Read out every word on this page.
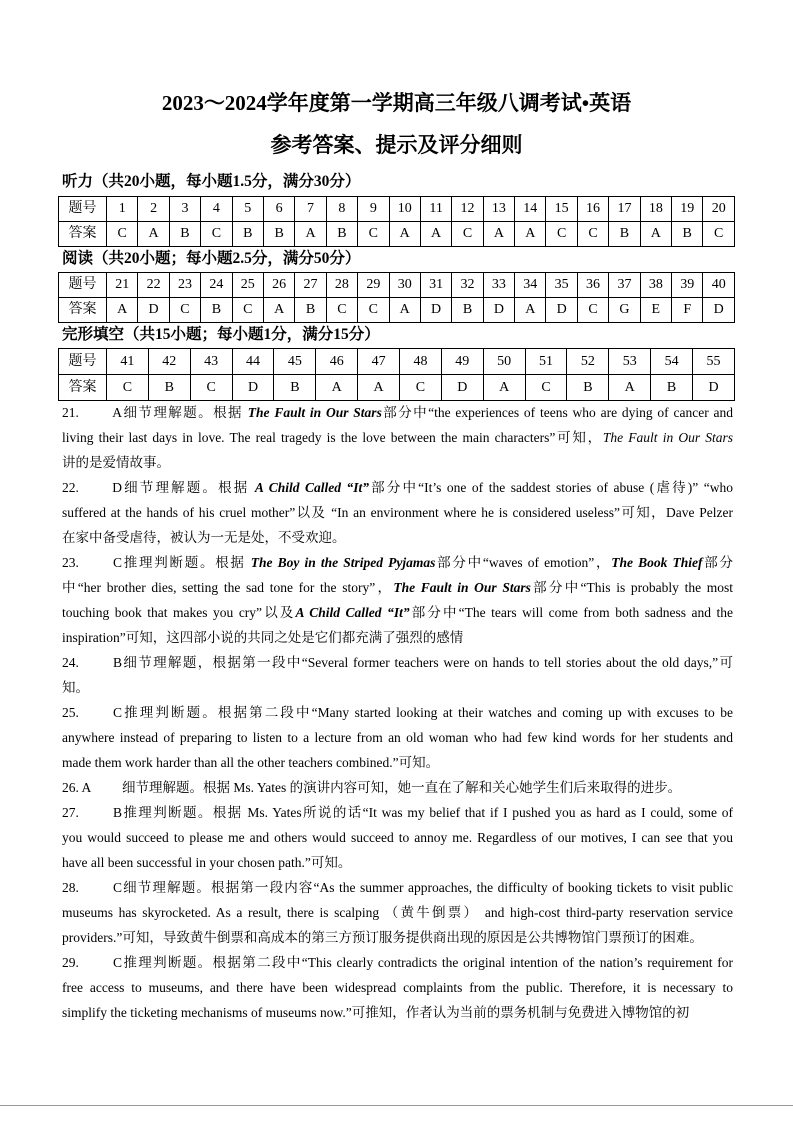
2023～2024学年度第一学期高三年级八调考试•英语
参考答案、提示及评分细则
听力（共20小题，每小题1.5分，满分30分）
题号	1	2	3	4	5	6	7	8	9	10	11	12	13	14	15	16	17	18	19	20
答案	C	A	B	C	B	B	A	B	C	A	A	C	A	A	C	C	B	A	B	C
阅读（共20小题；每小题2.5分，满分50分）
题号	21	22	23	24	25	26	27	28	29	30	31	32	33	34	35	36	37	38	39	40
答案	A	D	C	B	C	A	B	C	C	A	D	B	D	A	D	C	G	E	F	D
完形填空（共15小题；每小题1分，满分15分）
题号	41	42	43	44	45	46	47	48	49	50	51	52	53	54	55
答案	C	B	C	D	B	A	A	C	D	A	C	B	A	B	D
21. A细节理解题。根据 The Fault in Our Stars部分中“the experiences of teens who are dying of cancer and
living their last days in love. The real tragedy is the love between the main characters”可知，The Fault in Our Stars
讲的是爱情故事。
22. D细节理解题。根据 A Child Called “It”部分中“It’s one of the saddest stories of abuse (虐待)” “who
suffered at the hands of his cruel mother”以及 “In an environment where he is considered useless”可知，Dave Pelzer
在家中备受虐待，被认为一无是处，不受欢迎。
23. C推理判断题。根据 The Boy in the Striped Pyjamas部分中“waves of emotion”，The Book Thief部分
中“her brother dies, setting the sad tone for the story”，The Fault in Our Stars部分中“This is probably the most
touching book that makes you cry”以及A Child Called “It”部分中“The tears will come from both sadness and the
inspiration”可知，这四部小说的共同之处是它们都充满了强烈的感情
24. B细节理解题，根据第一段中“Several former teachers were on hands to tell stories about the old days,”可
知。
25. C推理判断题。根据第二段中“Many started looking at their watches and coming up with excuses to be
anywhere instead of preparing to listen to a lecture from an old woman who had few kind words for her students and
made them work harder than all the other teachers combined.”可知。
26. A 细节理解题。根据 Ms. Yates 的演讲内容可知，她一直在了解和关心她学生们后来取得的进步。
27. B推理判断题。根据 Ms. Yates所说的话“It was my belief that if I pushed you as hard as I could, some of
you would succeed to please me and others would succeed to annoy me. Regardless of our motives, I can see that you
have all been successful in your chosen path.”可知。
28. C细节理解题。根据第一段内容“As the summer approaches, the difficulty of booking tickets to visit public
museums has skyrocketed. As a result, there is scalping （黄牛倒票） and high-cost third-party reservation service
providers.”可知，导致黄牛倒票和高成本的第三方预订服务提供商出现的原因是公共博物馆门票预订的困难。
29. C推理判断题。根据第二段中“This clearly contradicts the original intention of the nation’s requirement for
free access to museums, and there have been widespread complaints from the public. Therefore, it is necessary to
simplify the ticketing mechanisms of museums now.”可推知，作者认为当前的票务机制与免费进入博物馆的初
